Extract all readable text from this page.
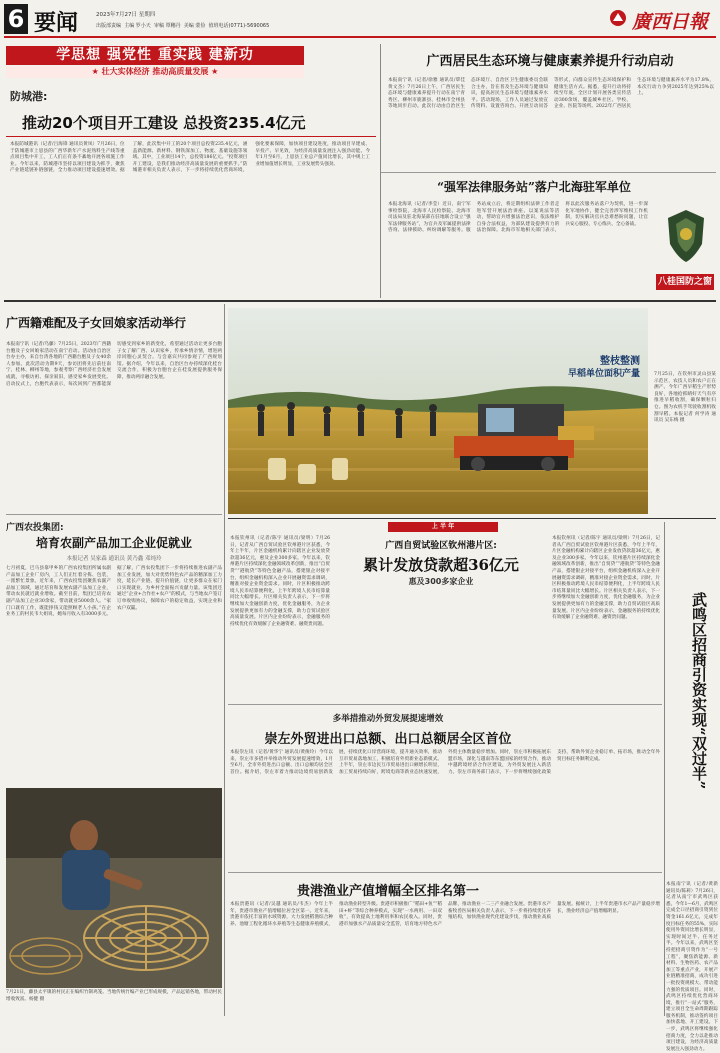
6 要闻	2023年7月27日 星期四
出版部责编 主编 罗小天 审稿 覃穗丹 美编 蒙俭 值班电话(0771)-5690065	廣西日報
学思想 强党性 重实践 建新功
★ 壮大实体经济 推动高质量发展 ★
防城港:
推动20个项目开工建设 总投资235.4亿元
本报防城港讯（记者/吕海锋 通讯员黄凤）7月26日，位于防城港市上思县的广西华新年产水泥熟料生产线等重点项目集中开工，工人们正有条不紊地开展各项施工作业。今年以来，防城港市坚持以项目建设为抓手，聚焦产业链延链补链强链，全力推动项目建设提速增效。据了解，此次集中开工的20个项目总投资235.4亿元，涵盖新能源、新材料、钢铁深加工、物流、基础设施等领域。其中，工业项目14个，总投资186亿元。“投资项目开工建设，是我们推动经济高质量发展的重要抓手。”防城港市相关负责人表示，下一步将持续优化营商环境，强化要素保障，加快项目建设进度，推动项目早建成、早投产、早见效，为经济高质量发展注入强劲动能。今年1月至6月，上思县工业总产值同比增长，其中规上工业增加值增长明显，工业发展势头强劲。
广西居民生态环境与健康素养提升行动启动
本报南宁讯（记者/徐雅 通讯员/覃佳 黄文杰）7月26日上午，广西居民生态环境与健康素养提升行动在南宁青秀区、柳州市鹿寨县、桂林市全州县等地同步启动。此次行动由自治区生态环境厅、自治区卫生健康委员会联合主办，旨在普及生态环境与健康知识，提高居民生态环境与健康素养水平。活动现场，工作人员通过发放宣传资料、设置咨询台、开展互动问答等形式，向群众宣传生态环境保护和健康生活方式。据悉，提升行动将持续至年底，全区计划开展各类宣传活动300余场，覆盖城乡社区、学校、企业、医院等场所。2022年广西居民生态环境与健康素养水平为17.8%，本次行动力争到2025年达到25%以上。
“强军法律服务站”落户北海驻军单位
本报北海讯（记者/李莹）近日，南宁军事检察院、北海市人民检察院、北海市司法局及驻北海某部在驻地联合设立“强军法律服务站”，为官兵及军属提供法律咨询、法律援助、纠纷调解等服务。服务站成立后，将定期组织法律工作者走进军营开展法治讲座、以案说法等活动，帮助官兵增强法治意识，依法维护自身合法权益，为部队建设提供有力的法治保障。北海市军地相关部门表示，将以此次服务站落户为契机，进一步深化军地协作，健全完善涉军维权工作机制，切实解决官兵急难愁盼问题，让官兵安心服役、专心练兵、全心备战。
八桂国防之窗
广西籍难配及子女回娘家活动举行
本报南宁讯（记者/乌藤）7月25日，2023年广西籍台胞及子女回娘家活动在南宁启动。活动由自治区台办主办，来自台湾各地的广西籍台胞及子女40余人参加。此次活动为期9天，参访团将先后前往南宁、桂林、柳州等地，参观考察广西经济社会发展成就，寻根访祖、探亲叙旧，感受家乡发展变化。启动仪式上，台胞代表表示，每次回到广西都能深切感受到家乡的新变化，希望通过活动让更多台胞子女了解广西、认识家乡，传承乡情亲情，增进两岸同胞心灵契合。与会嘉宾共同参观了广西规划馆。据介绍，今年以来，自治区台办持续深化桂台交流合作，积极为台胞台企在桂发展提供服务保障，推动两岸融合发展。
广西农投集团:
培育农副产品加工企业促就业
本报记者 吴家森 通讯员 黄乃鑫 邓纯玲
七月初夏，巴马县靠甲乡的广西农投集团所属农副产品加工企业厂房内，工人们正忙着分拣、包装，一派繁忙景象。近年来，广西农投集团聚焦农副产品加工领域，通过培育和发展农副产品加工企业，带动农民就近就业增收。截至目前，集团已培育农副产品加工企业30余家，带动就业5000余人。“家门口就有工作，既能挣钱又能照顾老人小孩。”在企业务工的村民韦大姐说，她每月收入有3000多元。据了解，广西农投集团下一步将持续推进农副产品加工业发展，加大对优势特色农产品的精深加工力度，延长产业链、提升价值链，让更多群众在家门口实现就业，为乡村全面振兴贡献力量。该集团还通过“企业+合作社+农户”的模式，与当地农户签订订单收购协议，保障农户的稳定收益，实现企业和农户双赢。
整枝整测
早稻单位面积产量	7月25日，在钦州市灵山县某示范区，农技人员和农户正在测产。今年广西早稻生产形势良好，各地抢抓晴好天气有序推进早稻收割，确保颗粒归仓。图为农机手驾驶收割机收割早稻。本报记者 何学涛 通讯员 吴东梅 摄
上 半 年
本报钦州讯（记者/陈宇 通讯员/梁明）7月26日，记者从广西自贸试验区钦州港片区获悉，今年上半年，片区金融机构累计向辖区企业发放贷款超36亿元，惠及企业300多家。今年以来，钦州港片区持续深化金融领域改革创新，推出“自贸贷”“港航贷”等特色金融产品，搭建银企对接平台，组织金融机构深入企业开展融资需求调研，精准对接企业资金需求。同时，片区积极推动跨境人民币结算便利化，上半年跨境人民币结算量同比大幅增长。片区相关负责人表示，下一步将继续加大金融创新力度，优化金融服务，为企业发展提供更加有力的金融支撑，助力自贸试验区高质量发展。片区内企业纷纷表示，金融服务的持续优化有效缓解了企业融资难、融资贵问题。
广西自贸试验区钦州港片区:
累计发放贷款超36亿元
惠及300多家企业
本报钦州讯（记者/陈宇 通讯员/梁明）7月26日，记者从广西自贸试验区钦州港片区获悉，今年上半年，片区金融机构累计向辖区企业发放贷款超36亿元，惠及企业300多家。今年以来，钦州港片区持续深化金融领域改革创新，推出“自贸贷”“港航贷”等特色金融产品，搭建银企对接平台，组织金融机构深入企业开展融资需求调研，精准对接企业资金需求。同时，片区积极推动跨境人民币结算便利化，上半年跨境人民币结算量同比大幅增长。片区相关负责人表示，下一步将继续加大金融创新力度，优化金融服务，为企业发展提供更加有力的金融支撑，助力自贸试验区高质量发展。片区内企业纷纷表示，金融服务的持续优化有效缓解了企业融资难、融资贵问题。	武鸣区招商引资实现“双过半”
本报南宁讯（记者/黄新 通讯员/陈莉）7月26日，记者从南宁市武鸣区获悉，今年1—6月，武鸣区完成全口径招商引资到位资金161.6亿元，完成年度目标任务的55%，实际使用外资同比增长明显，实现时间过半、任务过半。今年以来，武鸣区坚持把招商引资作为“一号工程”，聚焦新能源、新材料、生物医药、农产品加工等重点产业，开展产业链精准招商，成功引进一批投资规模大、带动能力强的优质项目。同时，武鸣区持续优化营商环境，推行“一站式”服务，建立项目全生命周期跟踪服务机制，推动签约项目加快落地、开工建设。下一步，武鸣区将继续强化招商力度，全力以赴推动项目建设，为经济高质量发展注入强劲动力。
多举措推动外贸发展提速增效
崇左外贸进出口总额、出口总额居全区首位
本报崇左讯（记者/黄华宁 通讯员/黄俊玲）今年以来，崇左市多措并举推动外贸发展提速增效，1月至6月，全市外贸进出口总额、出口总额均居全区首位。据介绍，崇左市着力推动边境贸易创新发展，持续优化口岸营商环境，提升通关效率，推动互市贸易落地加工，积极培育外贸新业态新模式。上半年，崇左市边民互市贸易进出口额增长明显，加工贸易持续向好，跨境电商等新业态快速发展，外贸主体数量稳步增加。同时，崇左市积极拓展东盟市场，深化与越南等东盟国家的经贸合作，推动中越跨境经济合作区建设，为外贸发展注入新活力。崇左市商务部门表示，下一步将继续强化政策支持，帮助外贸企业稳订单、拓市场，推动全年外贸目标任务顺利完成。
贵港渔业产值增幅全区排名第一
本报贵港讯（记者/吴越 通讯员/韦杰）今年上半年，贵港市渔业产值增幅位居全区第一。近年来，贵港市依托丰富的水域资源，大力发展稻渔综合种养、池塘工程化循环水养殖等生态健康养殖模式，推动渔业转型升级。贵港市积极推广“稻田+鱼”“稻田+虾”等综合种养模式，实现“一水两用、一田双收”，有效提高土地利用率和农民收入。同时，贵港市加强水产品质量安全监管，培育地方特色水产品牌，推动渔业一二三产业融合发展。贵港市水产畜牧兽医局相关负责人表示，下一步将持续优化养殖结构，加快渔业现代化建设步伐，推动渔业高质量发展。据统计，上半年贵港市水产品产量稳步增长，渔业经济总产值增幅明显。
7月21日，藤县太平镇的村民正在编织竹制鸡笼。当地传统竹编产业已形成规模，产品远销各地，带动村民增收致富。杨健 摄
